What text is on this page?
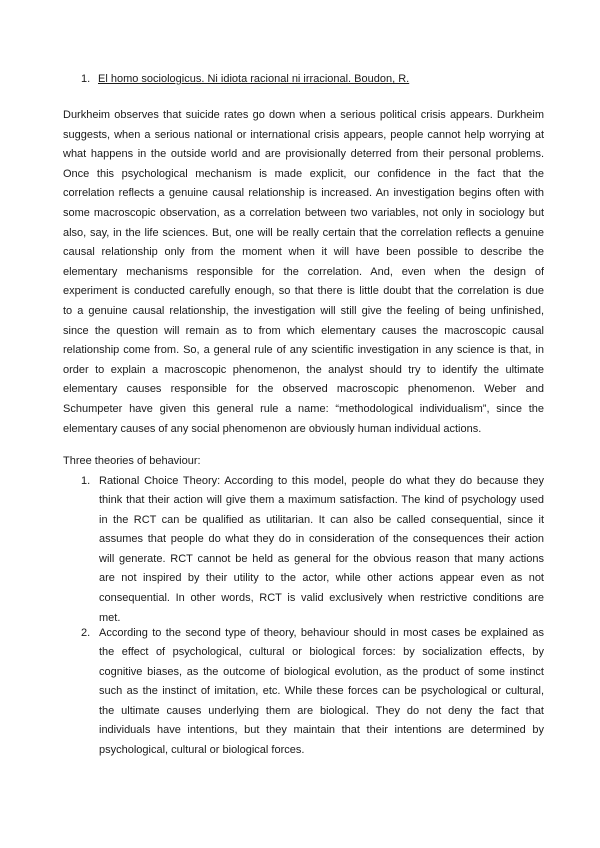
1. El homo sociologicus. Ni idiota racional ni irracional. Boudon, R.
Durkheim observes that suicide rates go down when a serious political crisis appears. Durkheim
suggests, when a serious national or international crisis appears, people cannot help worrying at
what happens in the outside world and are provisionally deterred from their personal problems.
Once this psychological mechanism is made explicit, our confidence in the fact that the
correlation reflects a genuine causal relationship is increased. An investigation begins often with
some macroscopic observation, as a correlation between two variables, not only in sociology but
also, say, in the life sciences. But, one will be really certain that the correlation reflects a genuine
causal relationship only from the moment when it will have been possible to describe the
elementary mechanisms responsible for the correlation. And, even when the design of
experiment is conducted carefully enough, so that there is little doubt that the correlation is due
to a genuine causal relationship, the investigation will still give the feeling of being unfinished,
since the question will remain as to from which elementary causes the macroscopic causal
relationship come from. So, a general rule of any scientific investigation in any science is that, in
order to explain a macroscopic phenomenon, the analyst should try to identify the ultimate
elementary causes responsible for the observed macroscopic phenomenon. Weber and
Schumpeter have given this general rule a name: “methodological individualism”, since the
elementary causes of any social phenomenon are obviously human individual actions.
Three theories of behaviour:
1. Rational Choice Theory: According to this model, people do what they do because they
think that their action will give them a maximum satisfaction. The kind of psychology used
in the RCT can be qualified as utilitarian. It can also be called consequential, since it
assumes that people do what they do in consideration of the consequences their action
will generate. RCT cannot be held as general for the obvious reason that many actions
are not inspired by their utility to the actor, while other actions appear even as not
consequential. In other words, RCT is valid exclusively when restrictive conditions are
met.
2. According to the second type of theory, behaviour should in most cases be explained as
the effect of psychological, cultural or biological forces: by socialization effects, by
cognitive biases, as the outcome of biological evolution, as the product of some instinct
such as the instinct of imitation, etc. While these forces can be psychological or cultural,
the ultimate causes underlying them are biological. They do not deny the fact that
individuals have intentions, but they maintain that their intentions are determined by
psychological, cultural or biological forces.
